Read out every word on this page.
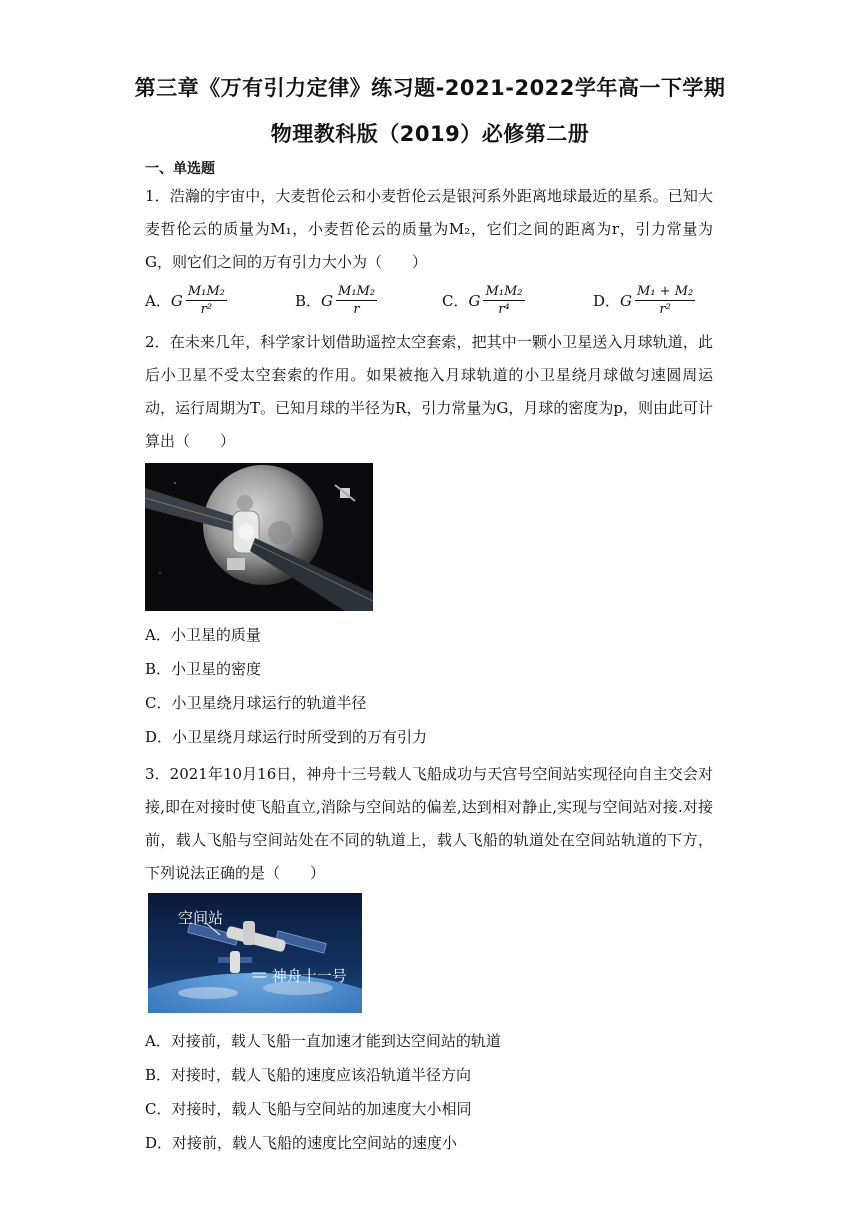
第三章《万有引力定律》练习题-2021-2022学年高一下学期
物理教科版（2019）必修第二册
一、单选题

1．浩瀚的宇宙中，大麦哲伦云和小麦哲伦云是银河系外距离地球最近的星系。已知大麦哲伦云的质量为M₁，小麦哲伦云的质量为M₂，它们之间的距离为r，引力常量为G，则它们之间的万有引力大小为（　　）

A． G $\frac{\text{M₁M₂}}{\text{r²}}$	B． G $\frac{\text{M₁M₂}}{r}$	C． G $\frac{\text{M₁M₂}}{\text{r⁴}}$	D． G $\frac{\text{M₁ + M₂}}{\text{r²}}$

2．在未来几年，科学家计划借助遥控太空套索，把其中一颗小卫星送入月球轨道，此后小卫星不受太空套索的作用。如果被拖入月球轨道的小卫星绕月球做匀速圆周运动，运行周期为T。已知月球的半径为R，引力常量为G，月球的密度为p，则由此可计算出（　　）

A．小卫星的质量
B．小卫星的密度
C．小卫星绕月球运行的轨道半径
D．小卫星绕月球运行时所受到的万有引力

3．2021年10月16日，神舟十三号载人飞船成功与天宫号空间站实现径向自主交会对接,即在对接时使飞船直立,消除与空间站的偏差,达到相对静止,实现与空间站对接.对接前，载人飞船与空间站处在不同的轨道上，载人飞船的轨道处在空间站轨道的下方，下列说法正确的是（　　）

空间站
— 神舟十一号
A．对接前，载人飞船一直加速才能到达空间站的轨道
B．对接时，载人飞船的速度应该沿轨道半径方向
C．对接时，载人飞船与空间站的加速度大小相同
D．对接前，载人飞船的速度比空间站的速度小
